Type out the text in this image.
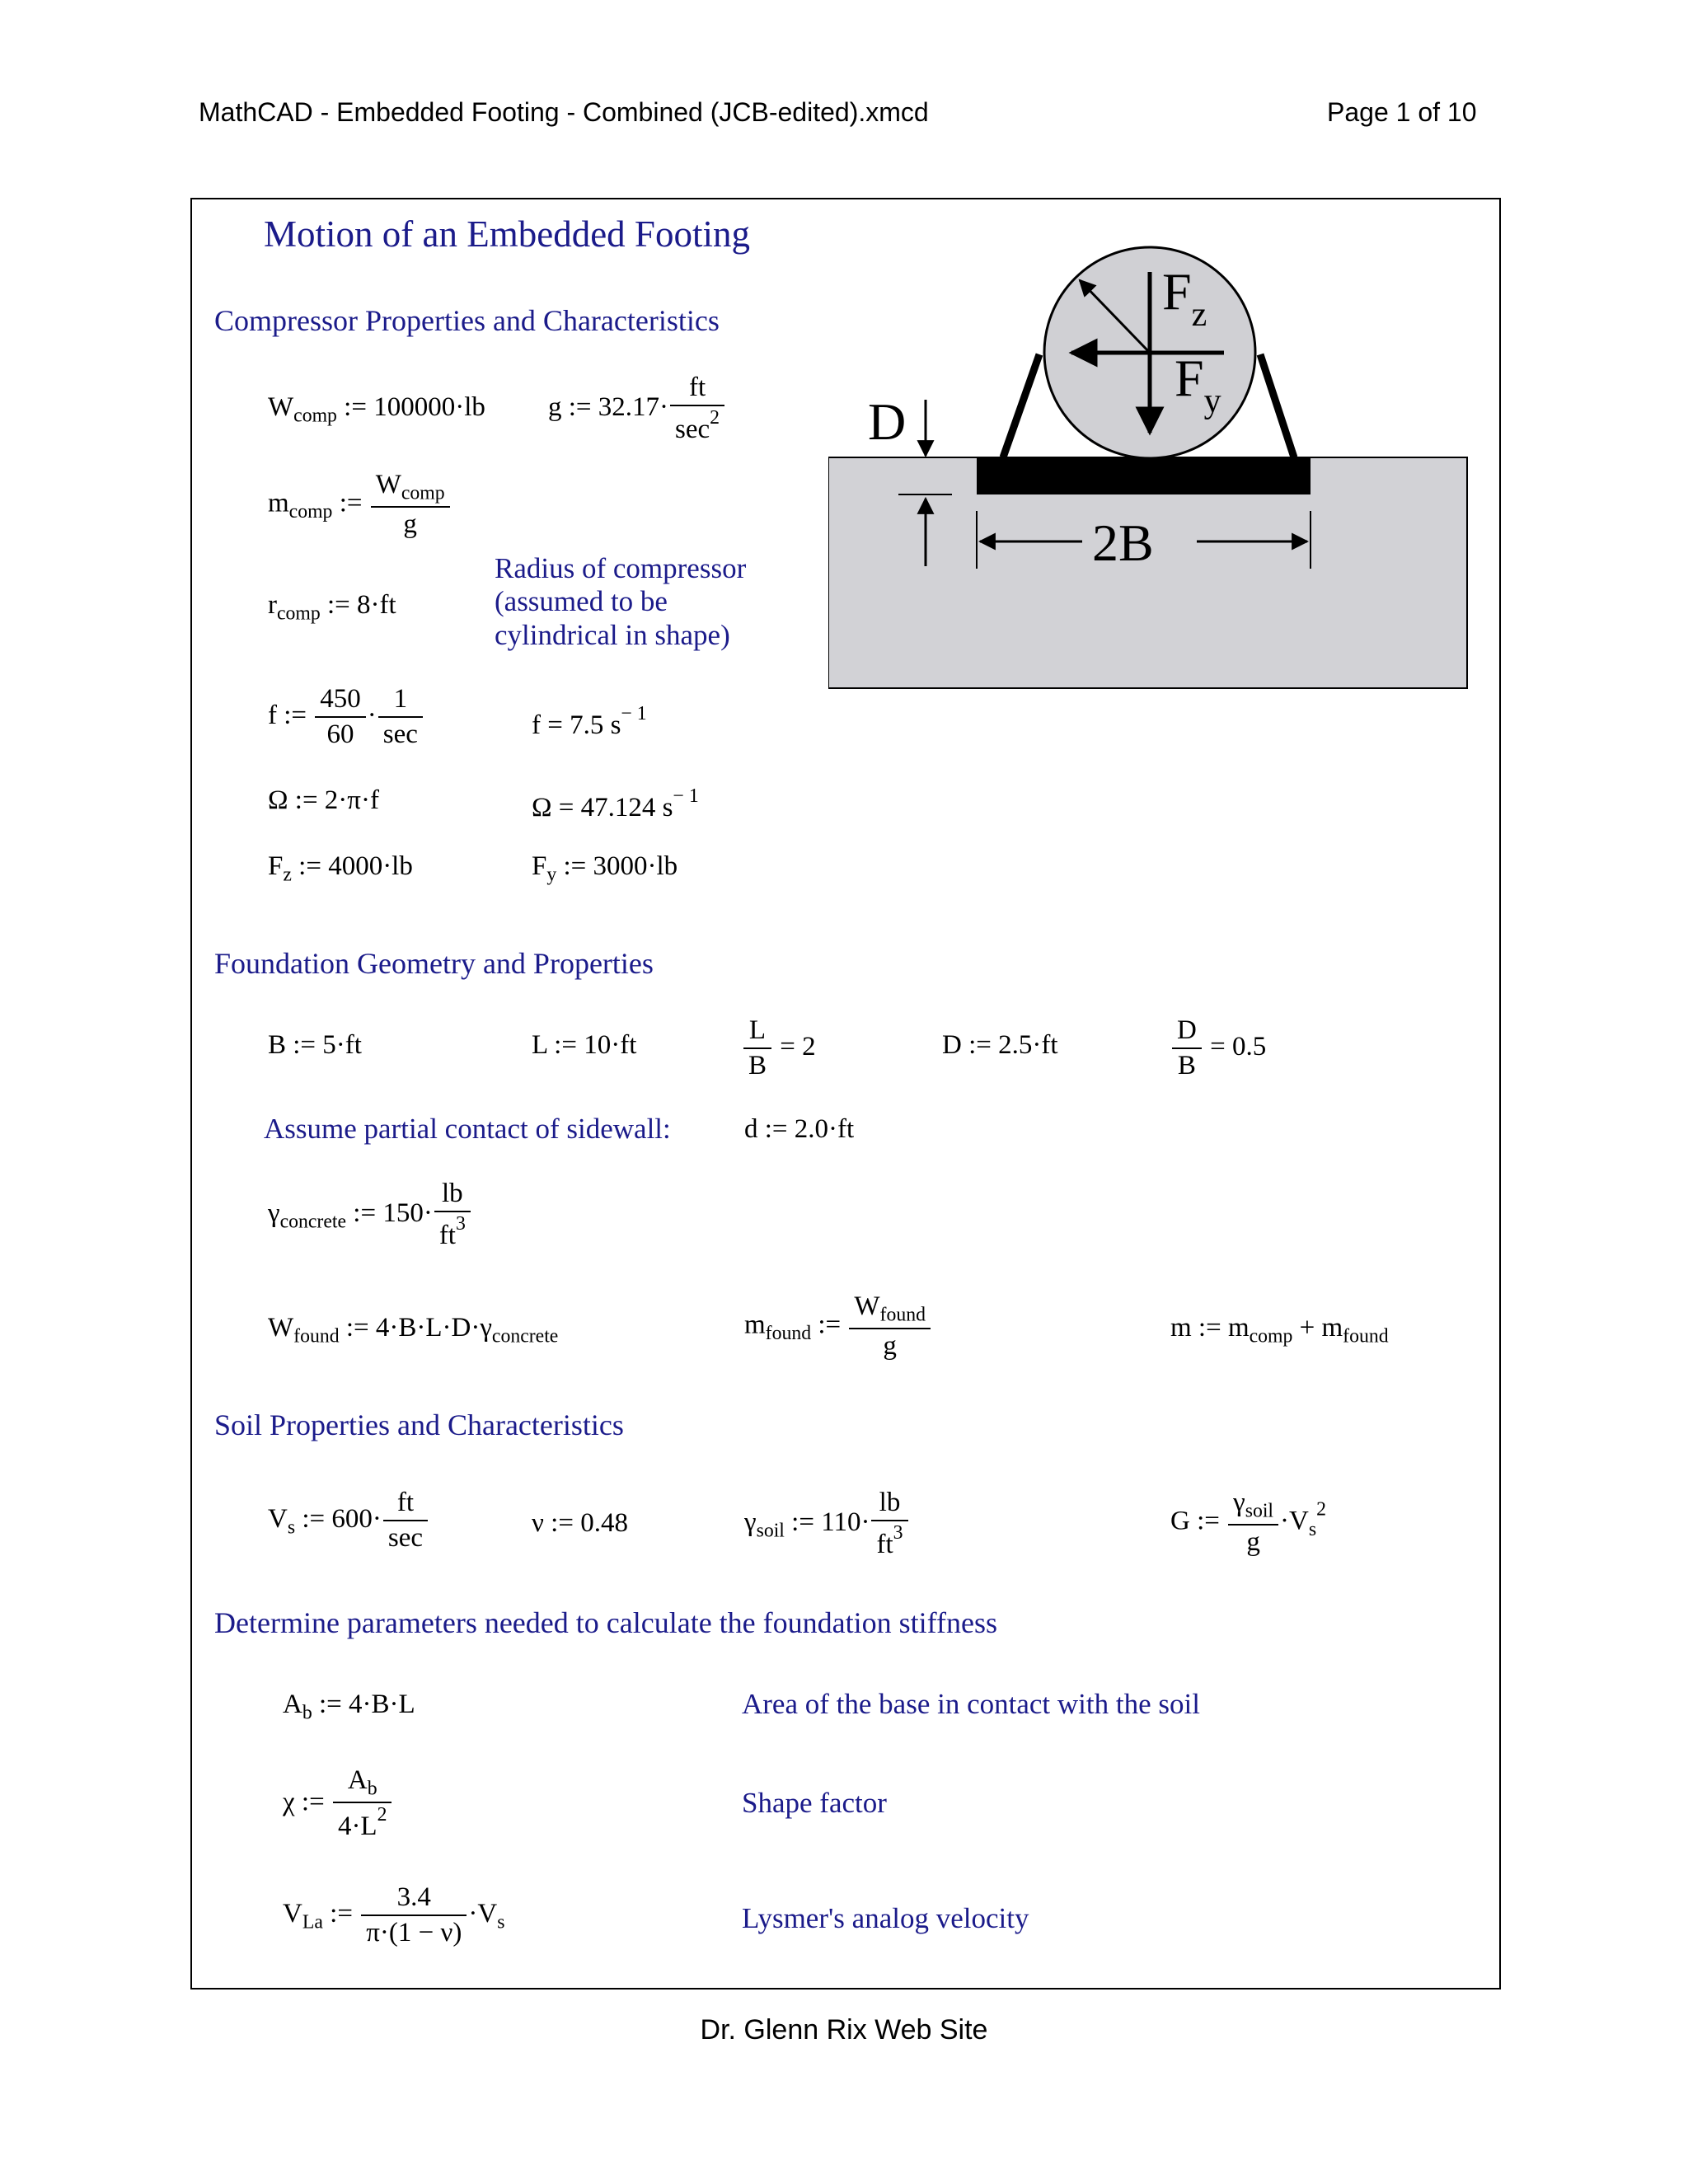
MathCAD - Embedded Footing - Combined (JCB-edited).xmcd	Page 1 of 10
Motion of an Embedded Footing
Compressor Properties and Characteristics
Foundation Geometry and Properties
Soil Properties and Characteristics
Determine parameters needed to calculate the foundation stiffness
$W_{comp}$ := 100000·lb g := $32.17\cdot \frac{ft}{\sec^2}$
$m_{comp}$ := $\frac{W_{comp}}{g}$
$r_{comp}$ := 8·ft
Radius of compressor
(assumed to be
cylindrical in shape)
f := $\frac{450}{60} \cdot \frac{1}{\sec}$	f = 7.5 $s^{- 1}$
Ω := 2·π·f	Ω = 47.124 $s^{- 1}$
$F_z$ := 4000·lb	$F_y$ := 3000·lb
B := 5·ft	L := 10·ft	$\frac{L}{B} = 2$	D := 2.5·ft	$\frac{D}{B} = 0.5$
Assume partial contact of sidewall:	d := 2.0·ft
$\gamma_{concrete}$ := $150\cdot \frac{lb}{ft^3}$
$W_{found}$ := $4\cdot B\cdot L\cdot D\cdot\gamma_{concrete}$	$m_{found}$ := $\frac{W_{found}}{g}$	m := $m_{comp} + m_{found}$
$V_s$ := $600\cdot \frac{ft}{\sec}$	ν := 0.48	$\gamma_{soil}$ := $110\cdot \frac{lb}{ft^3}$	G := $\frac{\gamma_{soil}}{g} \cdot V_s^2$
$A_b$ := 4·B·L	Area of the base in contact with the soil
χ := $\frac{A_b}{4\cdot L^2}$	Shape factor
$V_{La}$ := $\frac{3.4}{\pi\cdot(1 - \nu)} \cdot V_s$	Lysmer's analog velocity
$F_z$
$F_y$
D
2B
Dr. Glenn Rix Web Site
